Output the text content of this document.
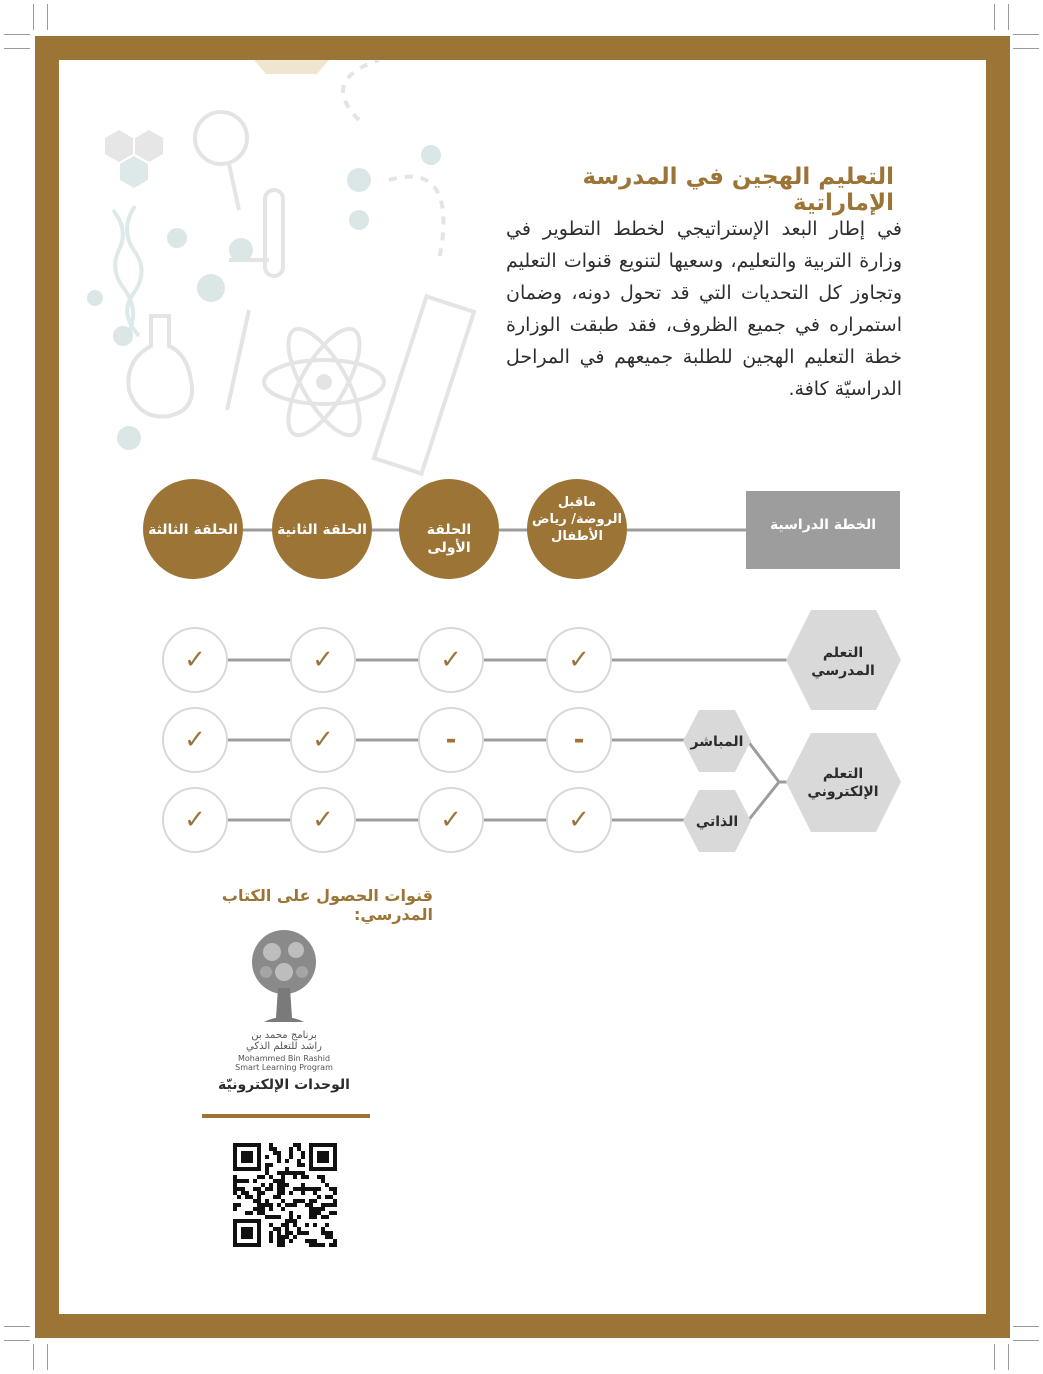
التعليم الهجين في المدرسة الإماراتية
في إطار البعد الإستراتيجي لخطط التطوير في وزارة التربية والتعليم، وسعيها لتنويع قنوات التعليم وتجاوز كل التحديات التي قد تحول دونه، وضمان استمراره في جميع الظروف، فقد طبقت الوزارة خطة التعليم الهجين للطلبة جميعهم في المراحل الدراسيّة كافة.
الخطة الدراسية
ماقبل الروضة/ رياض الأطفال
الحلقة الأولى
الحلقة الثانية
الحلقة الثالثة
التعلم المدرسي
التعلم الإلكتروني
المباشر
الذاتي
✓
✓
✓
✓
-
-
✓
✓
✓
✓
✓
✓
قنوات الحصول على الكتاب المدرسي:
برنامج محمد بن راشد للتعلم الذكي
Mohammed Bin Rashid Smart Learning Program
الوحدات الإلكترونيّة
